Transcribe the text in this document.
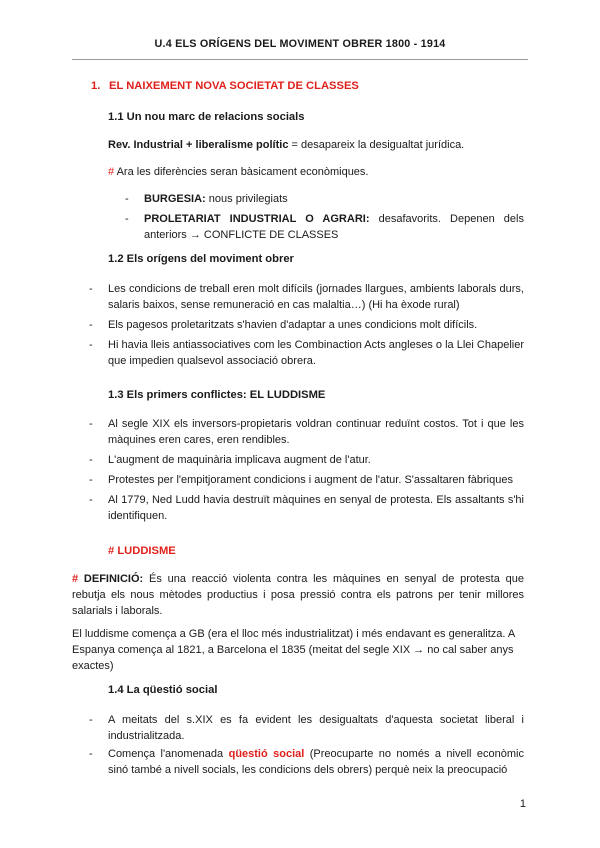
U.4 ELS ORÍGENS DEL MOVIMENT OBRER 1800 - 1914
1. EL NAIXEMENT NOVA SOCIETAT DE CLASSES
1.1 Un nou marc de relacions socials
Rev. Industrial + liberalisme polític = desapareix la desigualtat jurídica.
# Ara les diferències seran bàsicament econòmiques.
- BURGESIA: nous privilegiats
- PROLETARIAT INDUSTRIAL O AGRARI: desafavorits. Depenen dels anteriors → CONFLICTE DE CLASSES
1.2 Els orígens del moviment obrer
- Les condicions de treball eren molt difícils (jornades llargues, ambients laborals durs, salaris baixos, sense remuneració en cas malaltia…) (Hi ha èxode rural)
- Els pagesos proletaritzats s'havien d'adaptar a unes condicions molt difícils.
- Hi havia lleis antiassociatives com les Combinaction Acts angleses o la Llei Chapelier que impedien qualsevol associació obrera.
1.3 Els primers conflictes: EL LUDDISME
- Al segle XIX els inversors-propietaris voldran continuar reduïnt costos. Tot i que les màquines eren cares, eren rendibles.
- L'augment de maquinària implicava augment de l'atur.
- Protestes per l'empitjorament condicions i augment de l'atur. S'assaltaren fàbriques
- Al 1779, Ned Ludd havia destruït màquines en senyal de protesta. Els assaltants s'hi identifiquen.
# LUDDISME
# DEFINICIÓ: És una reacció violenta contra les màquines en senyal de protesta que rebutja els nous mètodes productius i posa pressió contra els patrons per tenir millores salarials i laborals.
El luddisme comença a GB (era el lloc més industrialitzat) i més endavant es generalitza. A Espanya comença al 1821, a Barcelona el 1835 (meitat del segle XIX → no cal saber anys exactes)
1.4 La qüestió social
- A meitats del s.XIX es fa evident les desigualtats d'aquesta societat liberal i industrialitzada.
- Comença l'anomenada qüestió social (Preocuparte no només a nivell econòmic sinó també a nivell socials, les condicions dels obrers) perquè neix la preocupació
1
